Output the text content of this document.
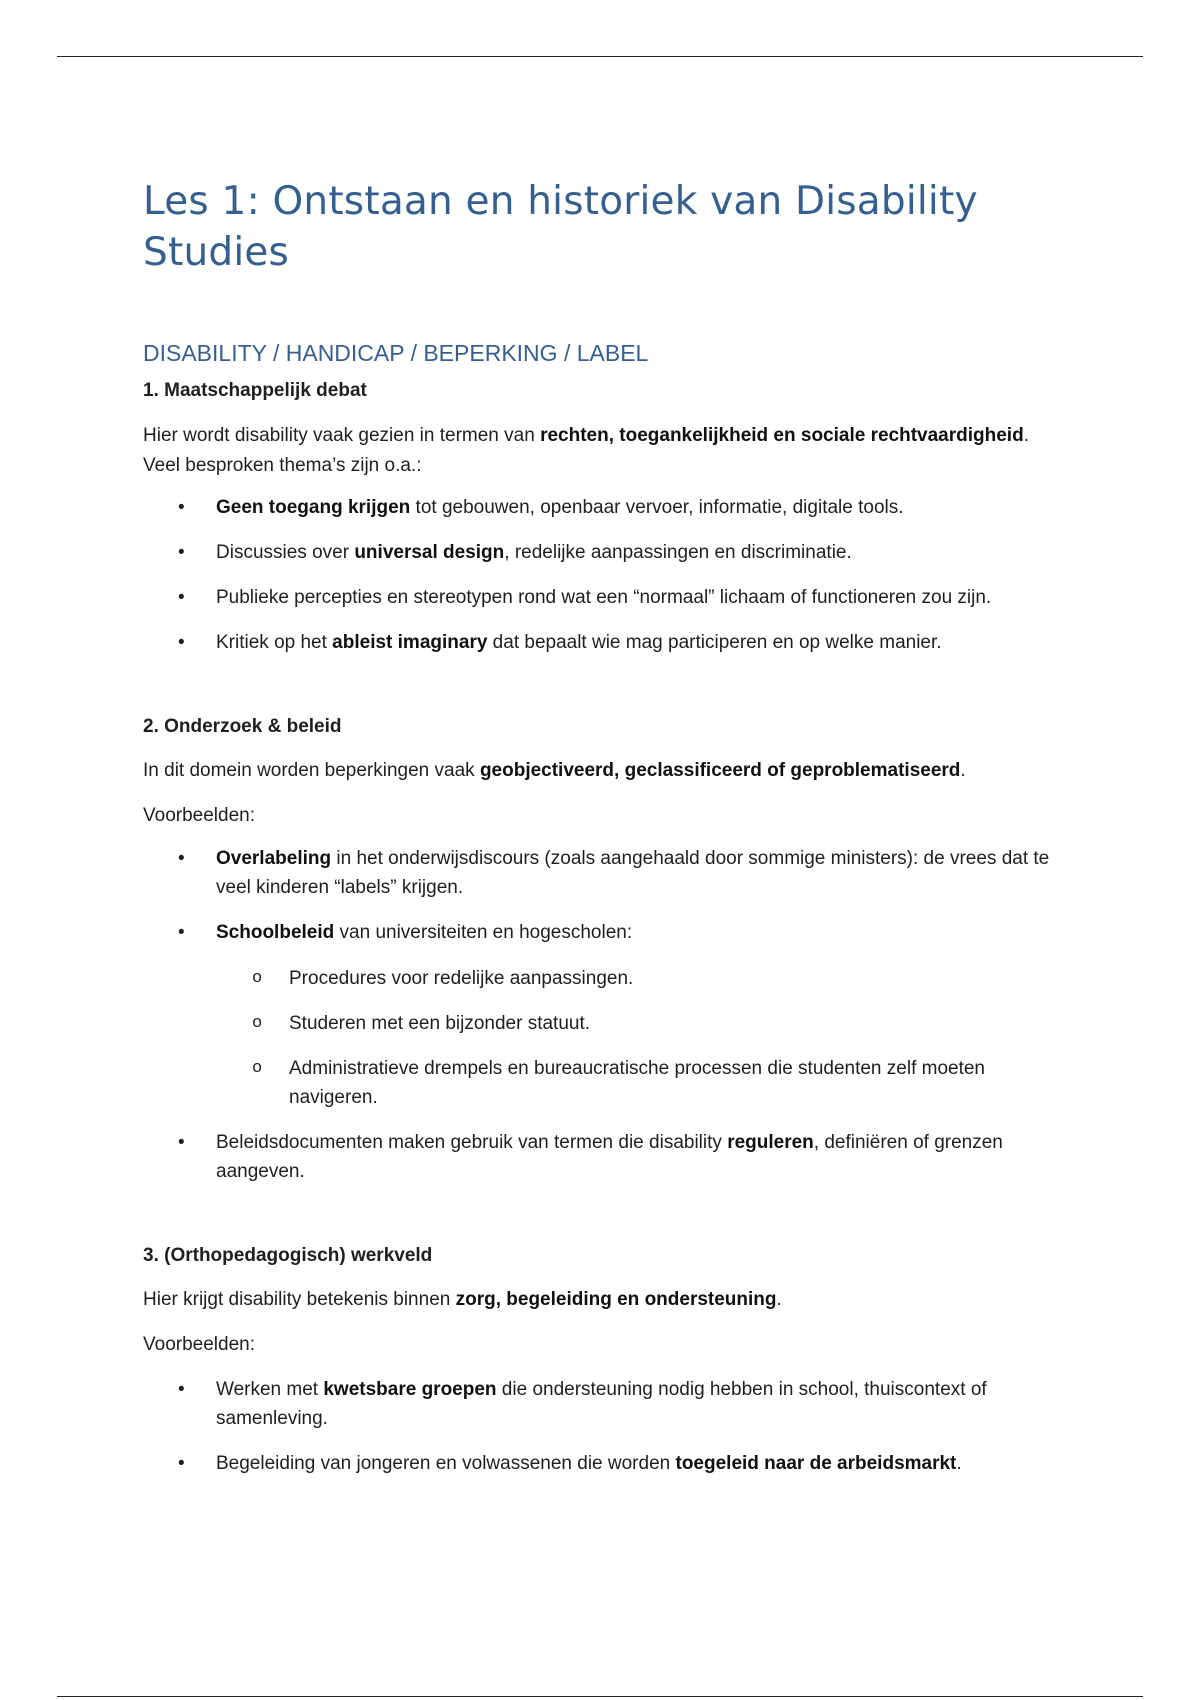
Les 1: Ontstaan en historiek van Disability Studies
DISABILITY / HANDICAP / BEPERKING / LABEL
1. Maatschappelijk debat

Hier wordt disability vaak gezien in termen van rechten, toegankelijkheid en sociale rechtvaardigheid.

Veel besproken thema’s zijn o.a.:

• Geen toegang krijgen tot gebouwen, openbaar vervoer, informatie, digitale tools.
• Discussies over universal design, redelijke aanpassingen en discriminatie.
• Publieke percepties en stereotypen rond wat een “normaal” lichaam of functioneren zou zijn.
• Kritiek op het ableist imaginary dat bepaalt wie mag participeren en op welke manier.
2. Onderzoek & beleid

In dit domein worden beperkingen vaak geobjectiveerd, geclassificeerd of geproblematiseerd.

Voorbeelden:

• Overlabeling in het onderwijsdiscours (zoals aangehaald door sommige ministers): de vrees dat te veel kinderen “labels” krijgen.
• Schoolbeleid van universiteiten en hogescholen:
o Procedures voor redelijke aanpassingen.
o Studeren met een bijzonder statuut.
o Administratieve drempels en bureaucratische processen die studenten zelf moeten navigeren.
• Beleidsdocumenten maken gebruik van termen die disability reguleren, definiëren of grenzen aangeven.
3. (Orthopedagogisch) werkveld

Hier krijgt disability betekenis binnen zorg, begeleiding en ondersteuning.

Voorbeelden:

• Werken met kwetsbare groepen die ondersteuning nodig hebben in school, thuiscontext of samenleving.
• Begeleiding van jongeren en volwassenen die worden toegeleid naar de arbeidsmarkt.
